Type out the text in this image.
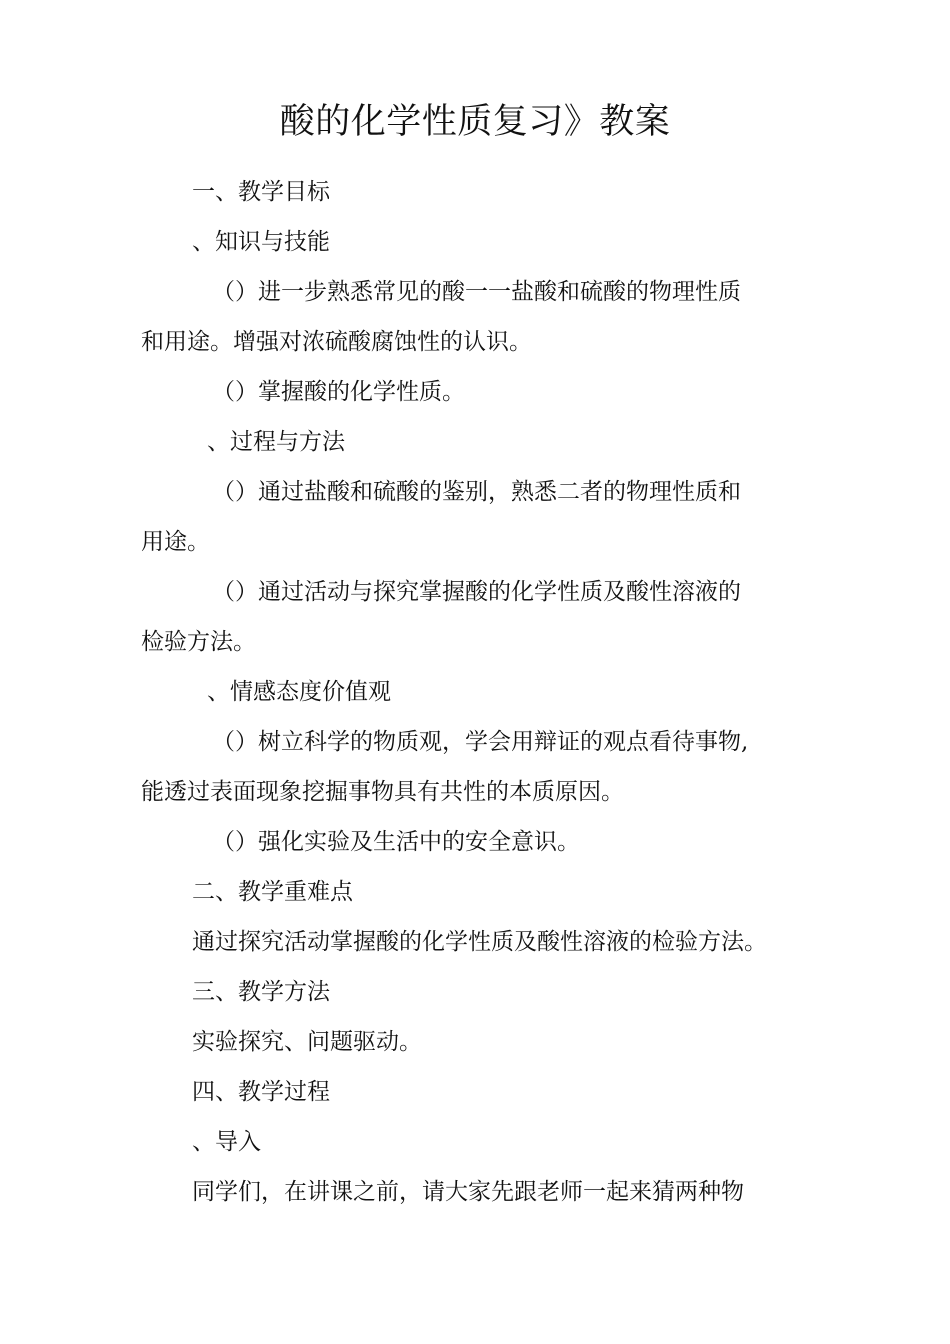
酸的化学性质复习》教案
一、教学目标
、知识与技能
（）进一步熟悉常见的酸一一盐酸和硫酸的物理性质
和用途。增强对浓硫酸腐蚀性的认识。
（）掌握酸的化学性质。
、过程与方法
（）通过盐酸和硫酸的鉴别，熟悉二者的物理性质和
用途。
（）通过活动与探究掌握酸的化学性质及酸性溶液的
检验方法。
、情感态度价值观
（）树立科学的物质观，学会用辩证的观点看待事物,
能透过表面现象挖掘事物具有共性的本质原因。
（）强化实验及生活中的安全意识。
二、教学重难点
通过探究活动掌握酸的化学性质及酸性溶液的检验方法。
三、教学方法
实验探究、问题驱动。
四、教学过程
、导入
同学们，在讲课之前，请大家先跟老师一起来猜两种物
